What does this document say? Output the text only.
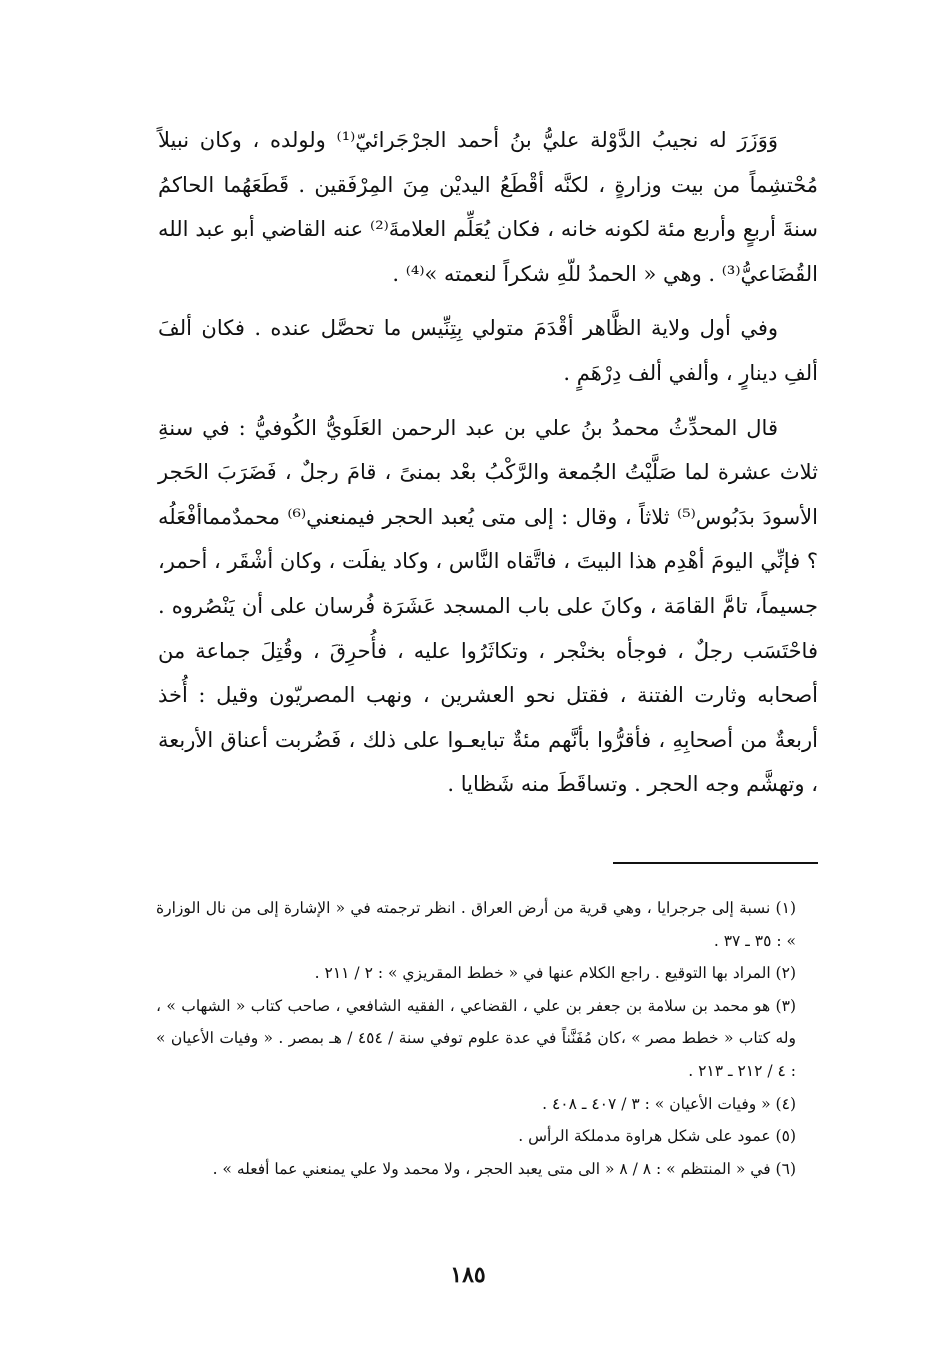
وَوَزَرَ له نجيبُ الدَّوْلة عليُّ بنُ أحمد الجرْجَرائيّ⁽¹⁾ ولولده ، وكان نبيلاً مُحْتشِماً من بيت وزارةٍ ، لكنَّه أقْطَعُ اليديْن مِنَ المِرْفَقين . قَطَعَهُما الحاكمُ سنةَ أربعٍ وأربع مئة لكونه خانه ، فكان يُعَلِّم العلامةَ⁽²⁾ عنه القاضي أبو عبد الله القُضَاعيُّ⁽³⁾ . وهي « الحمدُ للّهِ شكراً لنعمته »⁽⁴⁾ .

وفي أول ولاية الظَّاهر أقْدَمَ متولي بِتِنِّيس ما تحصَّل عنده . فكان ألفَ ألفِ دينارٍ ، وألفي ألف دِرْهَمٍ .

قال المحدِّثُ محمدُ بنُ علي بن عبد الرحمن العَلَويُّ الكُوفيُّ : في سنةِ ثلاث عشرة لما صَلَّيْتُ الجُمعة والرَّكْبُ بعْد بمنىً ، قامَ رجلٌ ، فَضَرَبَ الحَجر الأسودَ بدَبُوس⁽⁵⁾ ثلاثاً ، وقال : إلى متى يُعبد الحجر فيمنعني⁽⁶⁾ محمدٌمماأفْعَلُه ؟ فإنِّي اليومَ أهْدِم هذا البيتَ ، فاتَّقاه النَّاس ، وكاد يفلَت ، وكان أشْقَر ، أحمر، جسيماً، تامَّ القامَة ، وكانَ على باب المسجد عَشَرَة فُرسان على أن يَنْصُروه . فاحْتَسَب رجلٌ ، فوجأه بخنْجر ، وتكاثَرُوا عليه ، فأُحرِقَ ، وقُتِلَ جماعة من أصحابه وثارت الفتنة ، فقتل نحو العشرين ، ونهب المصريّون وقيل : أُخذ أربعةٌ من أصحابِهِ ، فأقرُّوا بأنَّهم مئةٌ تبايعـوا على ذلك ، فَضُربت أعناق الأربعة ، وتهشَّم وجه الحجر . وتساقَطَ منه شَظايا .

(١) نسبة إلى جرجرايا ، وهي قرية من أرض العراق . انظر ترجمته في « الإشارة إلى من نال الوزارة » : ٣٥ ـ ٣٧ .

(٢) المراد بها التوقيع . راجع الكلام عنها في « خطط المقريزي » : ٢ / ٢١١ .

(٣) هو محمد بن سلامة بن جعفر بن علي ، القضاعي ، الفقيه الشافعي ، صاحب كتاب « الشهاب » ، وله كتاب « خطط مصر » ،كان مُفَنَّناً في عدة علوم توفي سنة / ٤٥٤ / هـ بمصر . « وفيات الأعيان » : ٤ / ٢١٢ ـ ٢١٣ .

(٤) « وفيات الأعيان » : ٣ / ٤٠٧ ـ ٤٠٨ .

(٥) عمود على شكل هراوة مدملكة الرأس .

(٦) في « المنتظم » : ٨ / ٨ « الى متى يعبد الحجر ، ولا محمد ولا علي يمنعني عما أفعله » .

١٨٥
